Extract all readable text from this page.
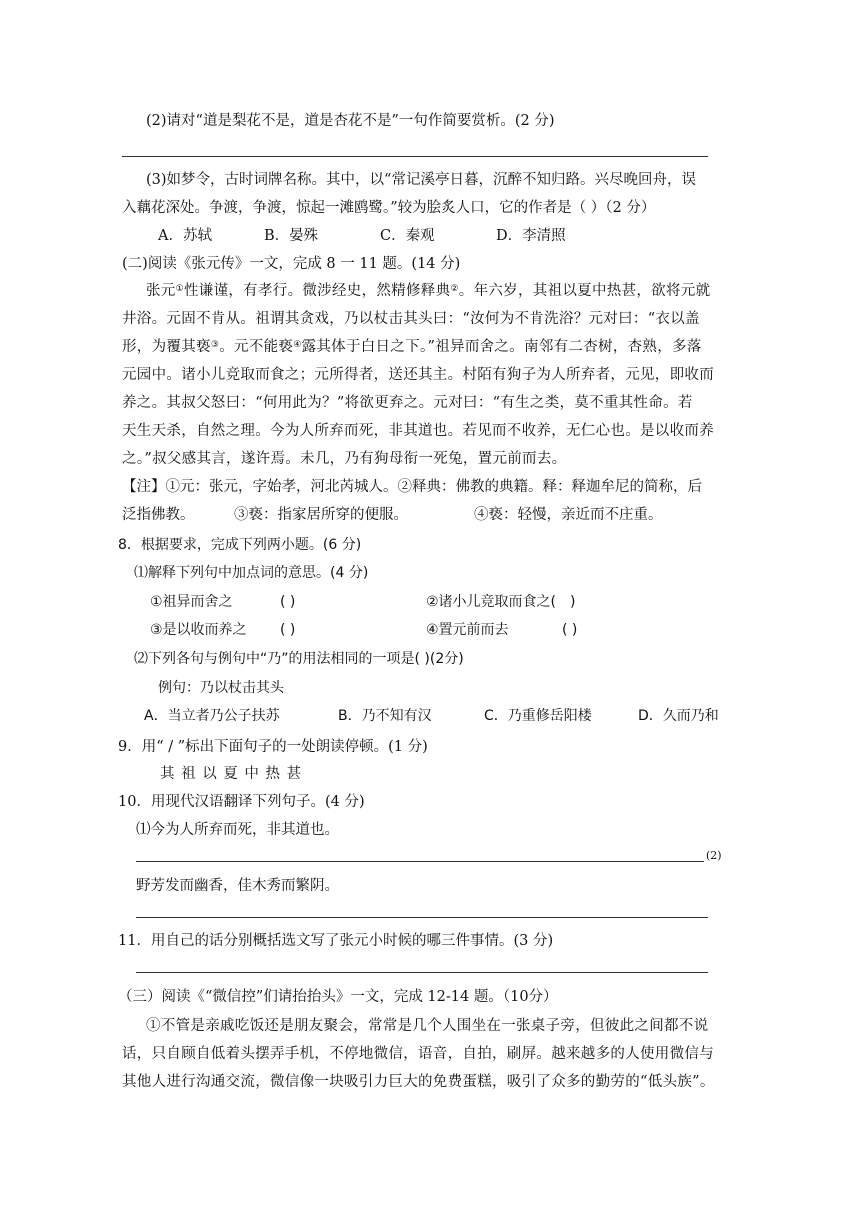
(2)请对“道是梨花不是，道是杏花不是”一句作简要赏析。(2 分)
(3)如梦令，古时词牌名称。其中，以“常记溪亭日暮，沉醉不知归路。兴尽晚回舟，误
入藕花深处。争渡，争渡，惊起一滩鸥鹭。”较为脍炙人口，它的作者是（ ）（2 分）
A．苏轼	B．晏殊	C．秦观	D．李清照
(二)阅读《张元传》一文，完成 8 一 11 题。(14 分)
张元①性谦谨，有孝行。微涉经史，然精修释典②。年六岁，其祖以夏中热甚，欲将元就
井浴。元固不肯从。祖谓其贪戏，乃以杖击其头曰：“汝何为不肯洗浴？元对曰：“衣以盖
形，为覆其亵③。元不能亵④露其体于白日之下。”祖异而舍之。南邻有二杏树，杏熟，多落
元园中。诸小儿竞取而食之；元所得者，送还其主。村陌有狗子为人所弃者，元见，即收而
养之。其叔父怒曰：“何用此为？”将欲更弃之。元对曰：“有生之类，莫不重其性命。若
天生天杀，自然之理。今为人所弃而死，非其道也。若见而不收养，无仁心也。是以收而养
之。”叔父感其言，遂许焉。未几，乃有狗母衔一死兔，置元前而去。
【注】①元：张元，字始孝，河北芮城人。②释典：佛教的典籍。释：释迦牟尼的简称，后
泛指佛教。	③亵：指家居所穿的便服。	④亵：轻慢，亲近而不庄重。
8．根据要求，完成下列两小题。(6 分)
⑴解释下列句中加点词的意思。(4 分)
①祖异而舍之	( )	②诸小儿竞取而食之( )
③是以收而养之 ( )	④置元前而去	( )
⑵下列各句与例句中“乃”的用法相同的一项是( )(2分)
例句：乃以杖击其头
A．当立者乃公子扶苏	B．乃不知有汉	C．乃重修岳阳楼	D．久而乃和
9．用“ / ”标出下面句子的一处朗读停顿。(1 分)
其 祖 以 夏 中 热 甚
10．用现代汉语翻译下列句子。(4 分)
⑴今为人所弃而死，非其道也。
(2)
野芳发而幽香，佳木秀而繁阴。
11．用自己的话分别概括选文写了张元小时候的哪三件事情。(3 分)
（三）阅读《“微信控”们请抬抬头》一文，完成 12-14 题。（10分）
①不管是亲戚吃饭还是朋友聚会，常常是几个人围坐在一张桌子旁，但彼此之间都不说
话，只自顾自低着头摆弄手机，不停地微信，语音，自拍，刷屏。越来越多的人使用微信与
其他人进行沟通交流，微信像一块吸引力巨大的免费蛋糕，吸引了众多的勤劳的“低头族”。
